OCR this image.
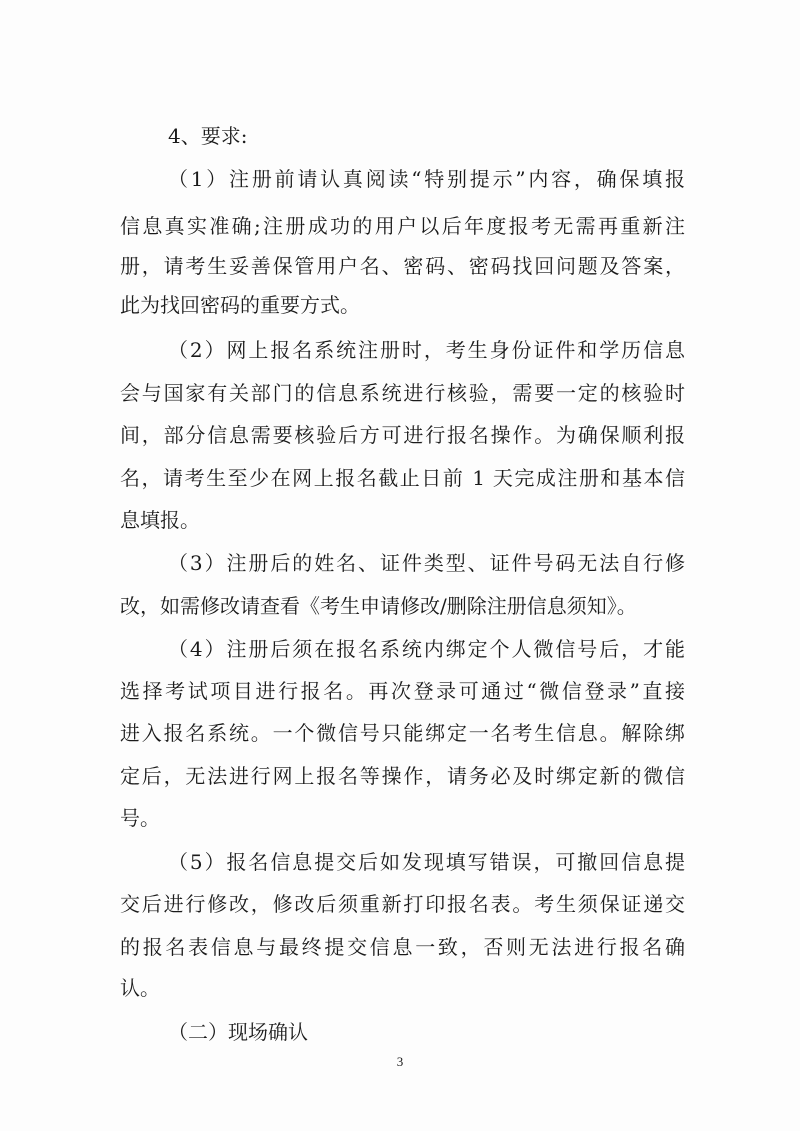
4、要求:
（1）注册前请认真阅读“特别提示”内容，确保填报
信息真实准确;注册成功的用户以后年度报考无需再重新注
册，请考生妥善保管用户名、密码、密码找回问题及答案，
此为找回密码的重要方式。
（2）网上报名系统注册时，考生身份证件和学历信息
会与国家有关部门的信息系统进行核验，需要一定的核验时
间，部分信息需要核验后方可进行报名操作。为确保顺利报
名，请考生至少在网上报名截止日前 1 天完成注册和基本信
息填报。
（3）注册后的姓名、证件类型、证件号码无法自行修
改，如需修改请查看《考生申请修改/删除注册信息须知》。
（4）注册后须在报名系统内绑定个人微信号后，才能
选择考试项目进行报名。再次登录可通过“微信登录”直接
进入报名系统。一个微信号只能绑定一名考生信息。解除绑
定后，无法进行网上报名等操作，请务必及时绑定新的微信
号。
（5）报名信息提交后如发现填写错误，可撤回信息提
交后进行修改，修改后须重新打印报名表。考生须保证递交
的报名表信息与最终提交信息一致，否则无法进行报名确
认。
（二）现场确认
3
